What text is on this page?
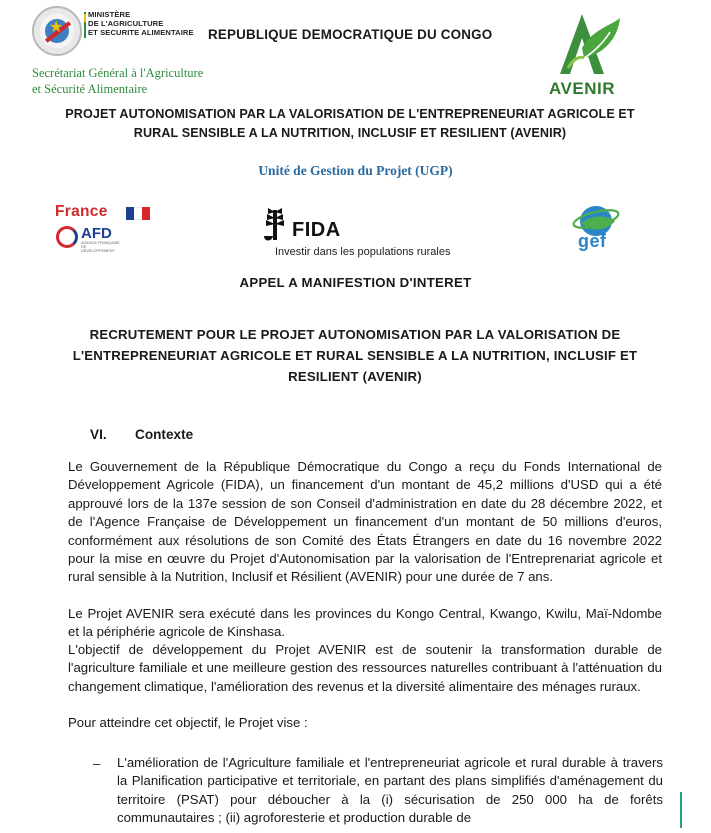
★
MINISTÈRE
DE L'AGRICULTURE
ET SECURITE ALIMENTAIRE
Secrétariat Général à l'Agriculture
et Sécurité Alimentaire
REPUBLIQUE DEMOCRATIQUE DU CONGO
AVENIR
PROJET AUTONOMISATION PAR LA VALORISATION DE L'ENTREPRENEURIAT AGRICOLE ET
RURAL SENSIBLE A LA NUTRITION, INCLUSIF ET RESILIENT (AVENIR)
Unité de Gestion du Projet (UGP)
France
AFD
AGENCE FRANÇAISE DE DÉVELOPPEMENT
FIDA
Investir dans les populations rurales
gef
APPEL A MANIFESTION D'INTERET
RECRUTEMENT POUR LE PROJET AUTONOMISATION PAR LA VALORISATION DE
L'ENTREPRENEURIAT AGRICOLE ET RURAL SENSIBLE A LA NUTRITION, INCLUSIF ET
RESILIENT (AVENIR)
VI. Contexte
Le Gouvernement de la République Démocratique du Congo a reçu du Fonds International de Développement Agricole (FIDA), un financement d'un montant de 45,2 millions d'USD qui a été approuvé lors de la 137e session de son Conseil d'administration en date du 28 décembre 2022, et de l'Agence Française de Développement un financement d'un montant de 50 millions d'euros, conformément aux résolutions de son Comité des États Étrangers en date du 16 novembre 2022 pour la mise en œuvre du Projet d'Autonomisation par la valorisation de l'Entreprenariat agricole et rural sensible à la Nutrition, Inclusif et Résilient (AVENIR) pour une durée de 7 ans.
Le Projet AVENIR sera exécuté dans les provinces du Kongo Central, Kwango, Kwilu, Maï-Ndombe et la périphérie agricole de Kinshasa.
L'objectif de développement du Projet AVENIR est de soutenir la transformation durable de l'agriculture familiale et une meilleure gestion des ressources naturelles contribuant à l'atténuation du changement climatique, l'amélioration des revenus et la diversité alimentaire des ménages ruraux.
Pour atteindre cet objectif, le Projet vise :
– L'amélioration de l'Agriculture familiale et l'entrepreneuriat agricole et rural durable à travers la Planification participative et territoriale, en partant des plans simplifiés d'aménagement du territoire (PSAT) pour déboucher à la (i) sécurisation de 250 000 ha de forêts communautaires ; (ii) agroforesterie et production durable de
